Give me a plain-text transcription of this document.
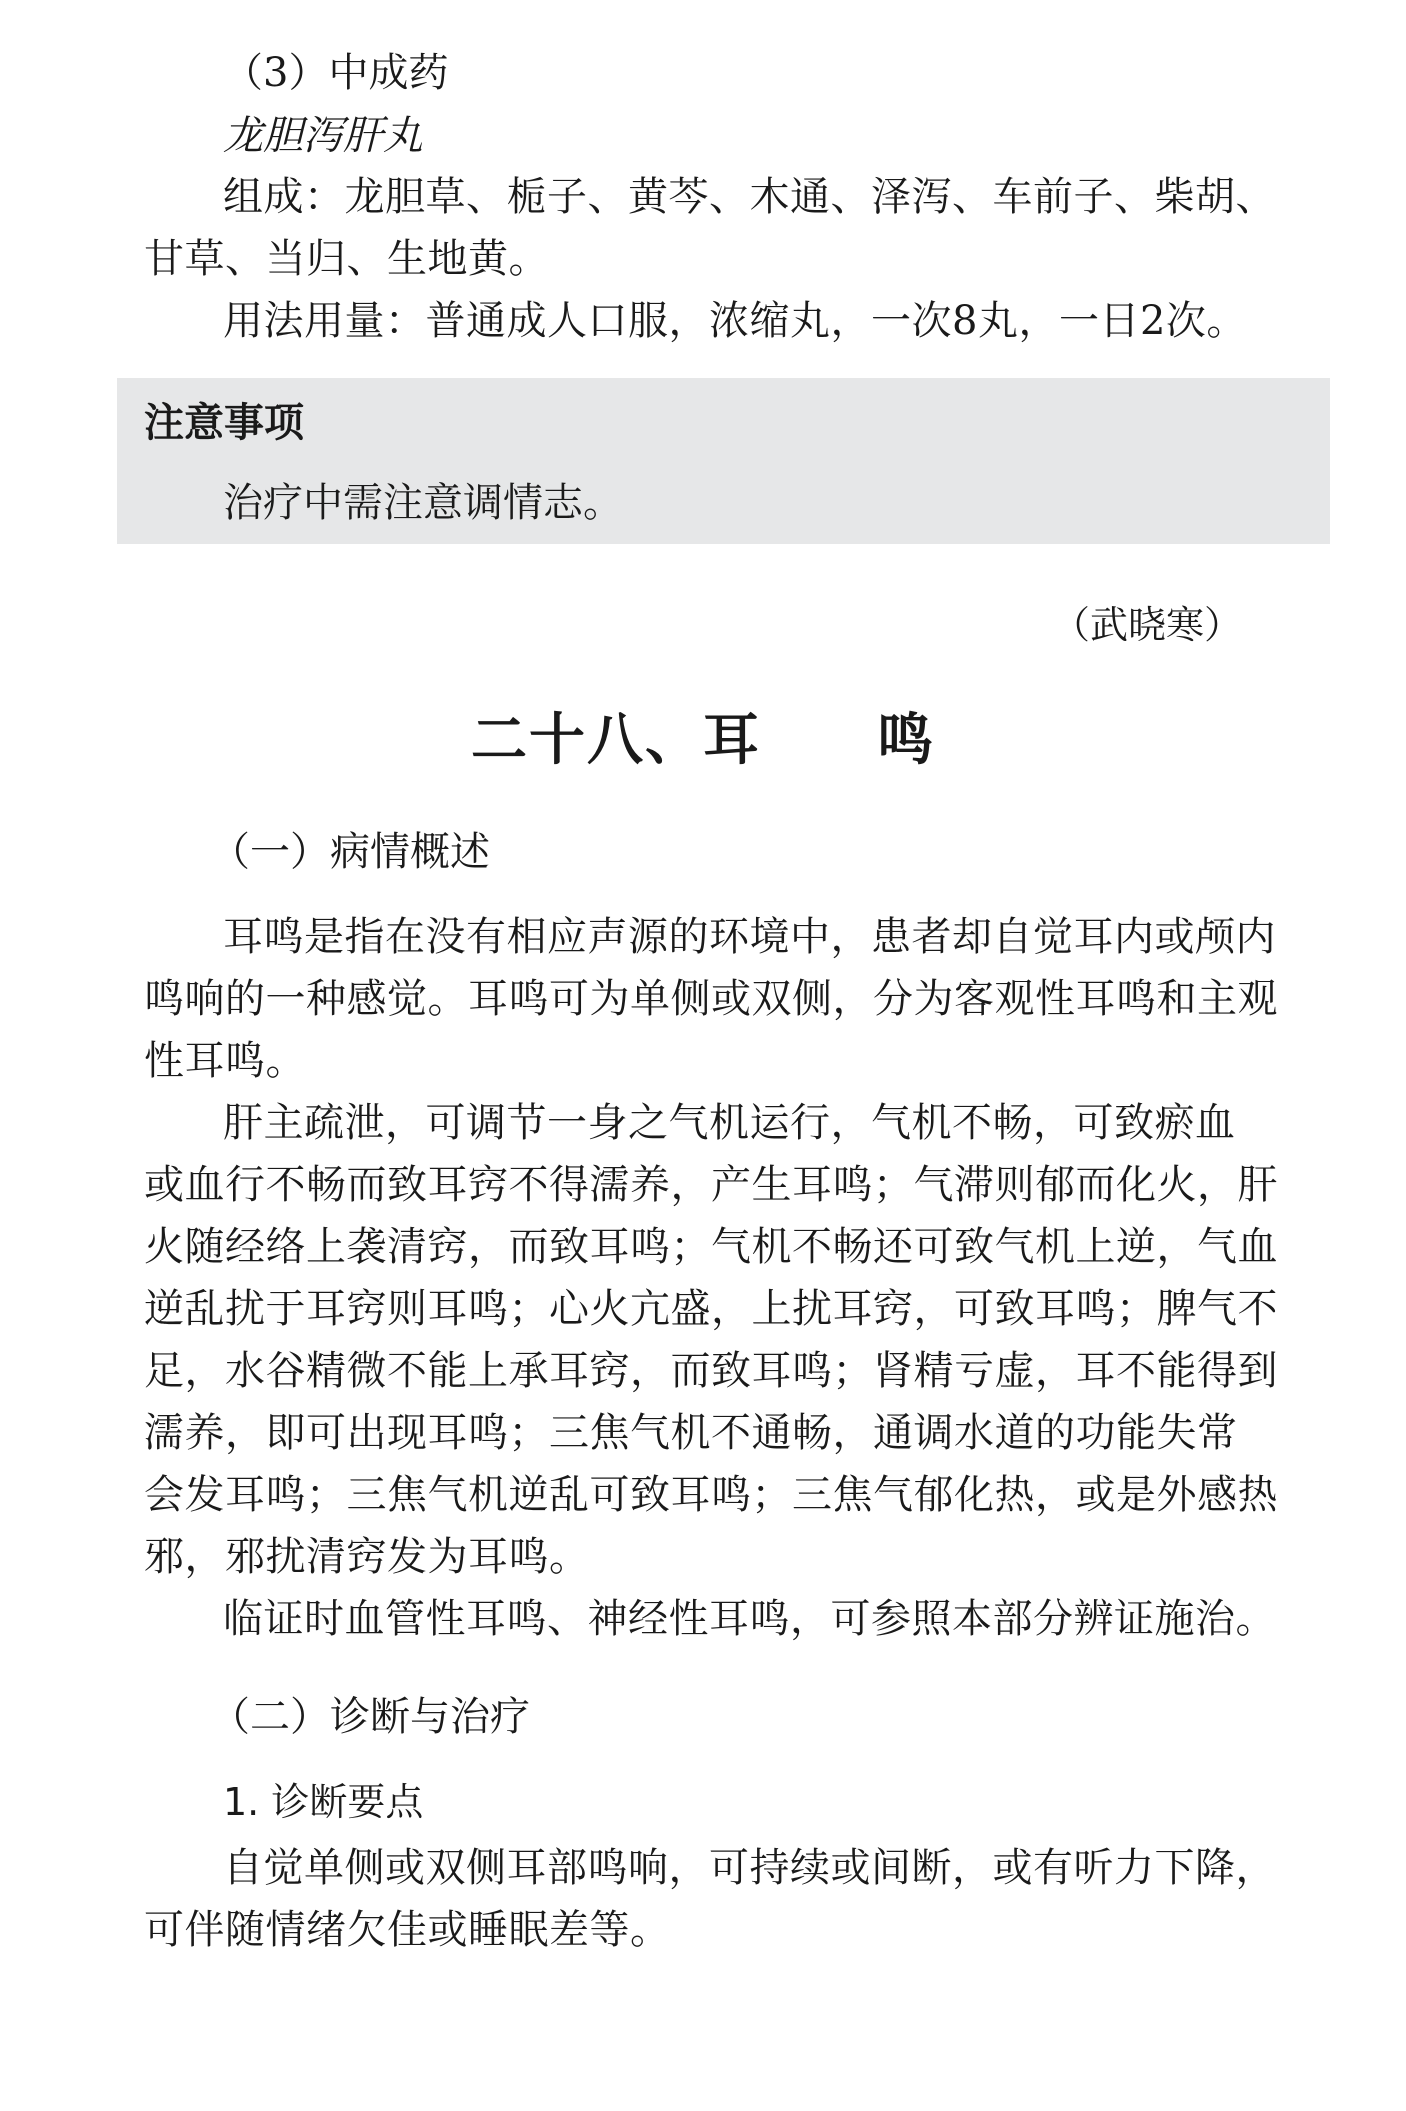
（3）中成药
龙胆泻肝丸
组成：龙胆草、栀子、黄芩、木通、泽泻、车前子、柴胡、
甘草、当归、生地黄。
用法用量：普通成人口服，浓缩丸，一次8丸，一日2次。
注意事项
治疗中需注意调情志。
（武晓寒）
二十八、耳　　鸣
（一）病情概述
耳鸣是指在没有相应声源的环境中，患者却自觉耳内或颅内
鸣响的一种感觉。耳鸣可为单侧或双侧，分为客观性耳鸣和主观
性耳鸣。
肝主疏泄，可调节一身之气机运行，气机不畅，可致瘀血
或血行不畅而致耳窍不得濡养，产生耳鸣；气滞则郁而化火，肝
火随经络上袭清窍，而致耳鸣；气机不畅还可致气机上逆，气血
逆乱扰于耳窍则耳鸣；心火亢盛，上扰耳窍，可致耳鸣；脾气不
足，水谷精微不能上承耳窍，而致耳鸣；肾精亏虚，耳不能得到
濡养，即可出现耳鸣；三焦气机不通畅，通调水道的功能失常
会发耳鸣；三焦气机逆乱可致耳鸣；三焦气郁化热，或是外感热
邪，邪扰清窍发为耳鸣。
临证时血管性耳鸣、神经性耳鸣，可参照本部分辨证施治。
（二）诊断与治疗
1. 诊断要点
自觉单侧或双侧耳部鸣响，可持续或间断，或有听力下降，
可伴随情绪欠佳或睡眠差等。
